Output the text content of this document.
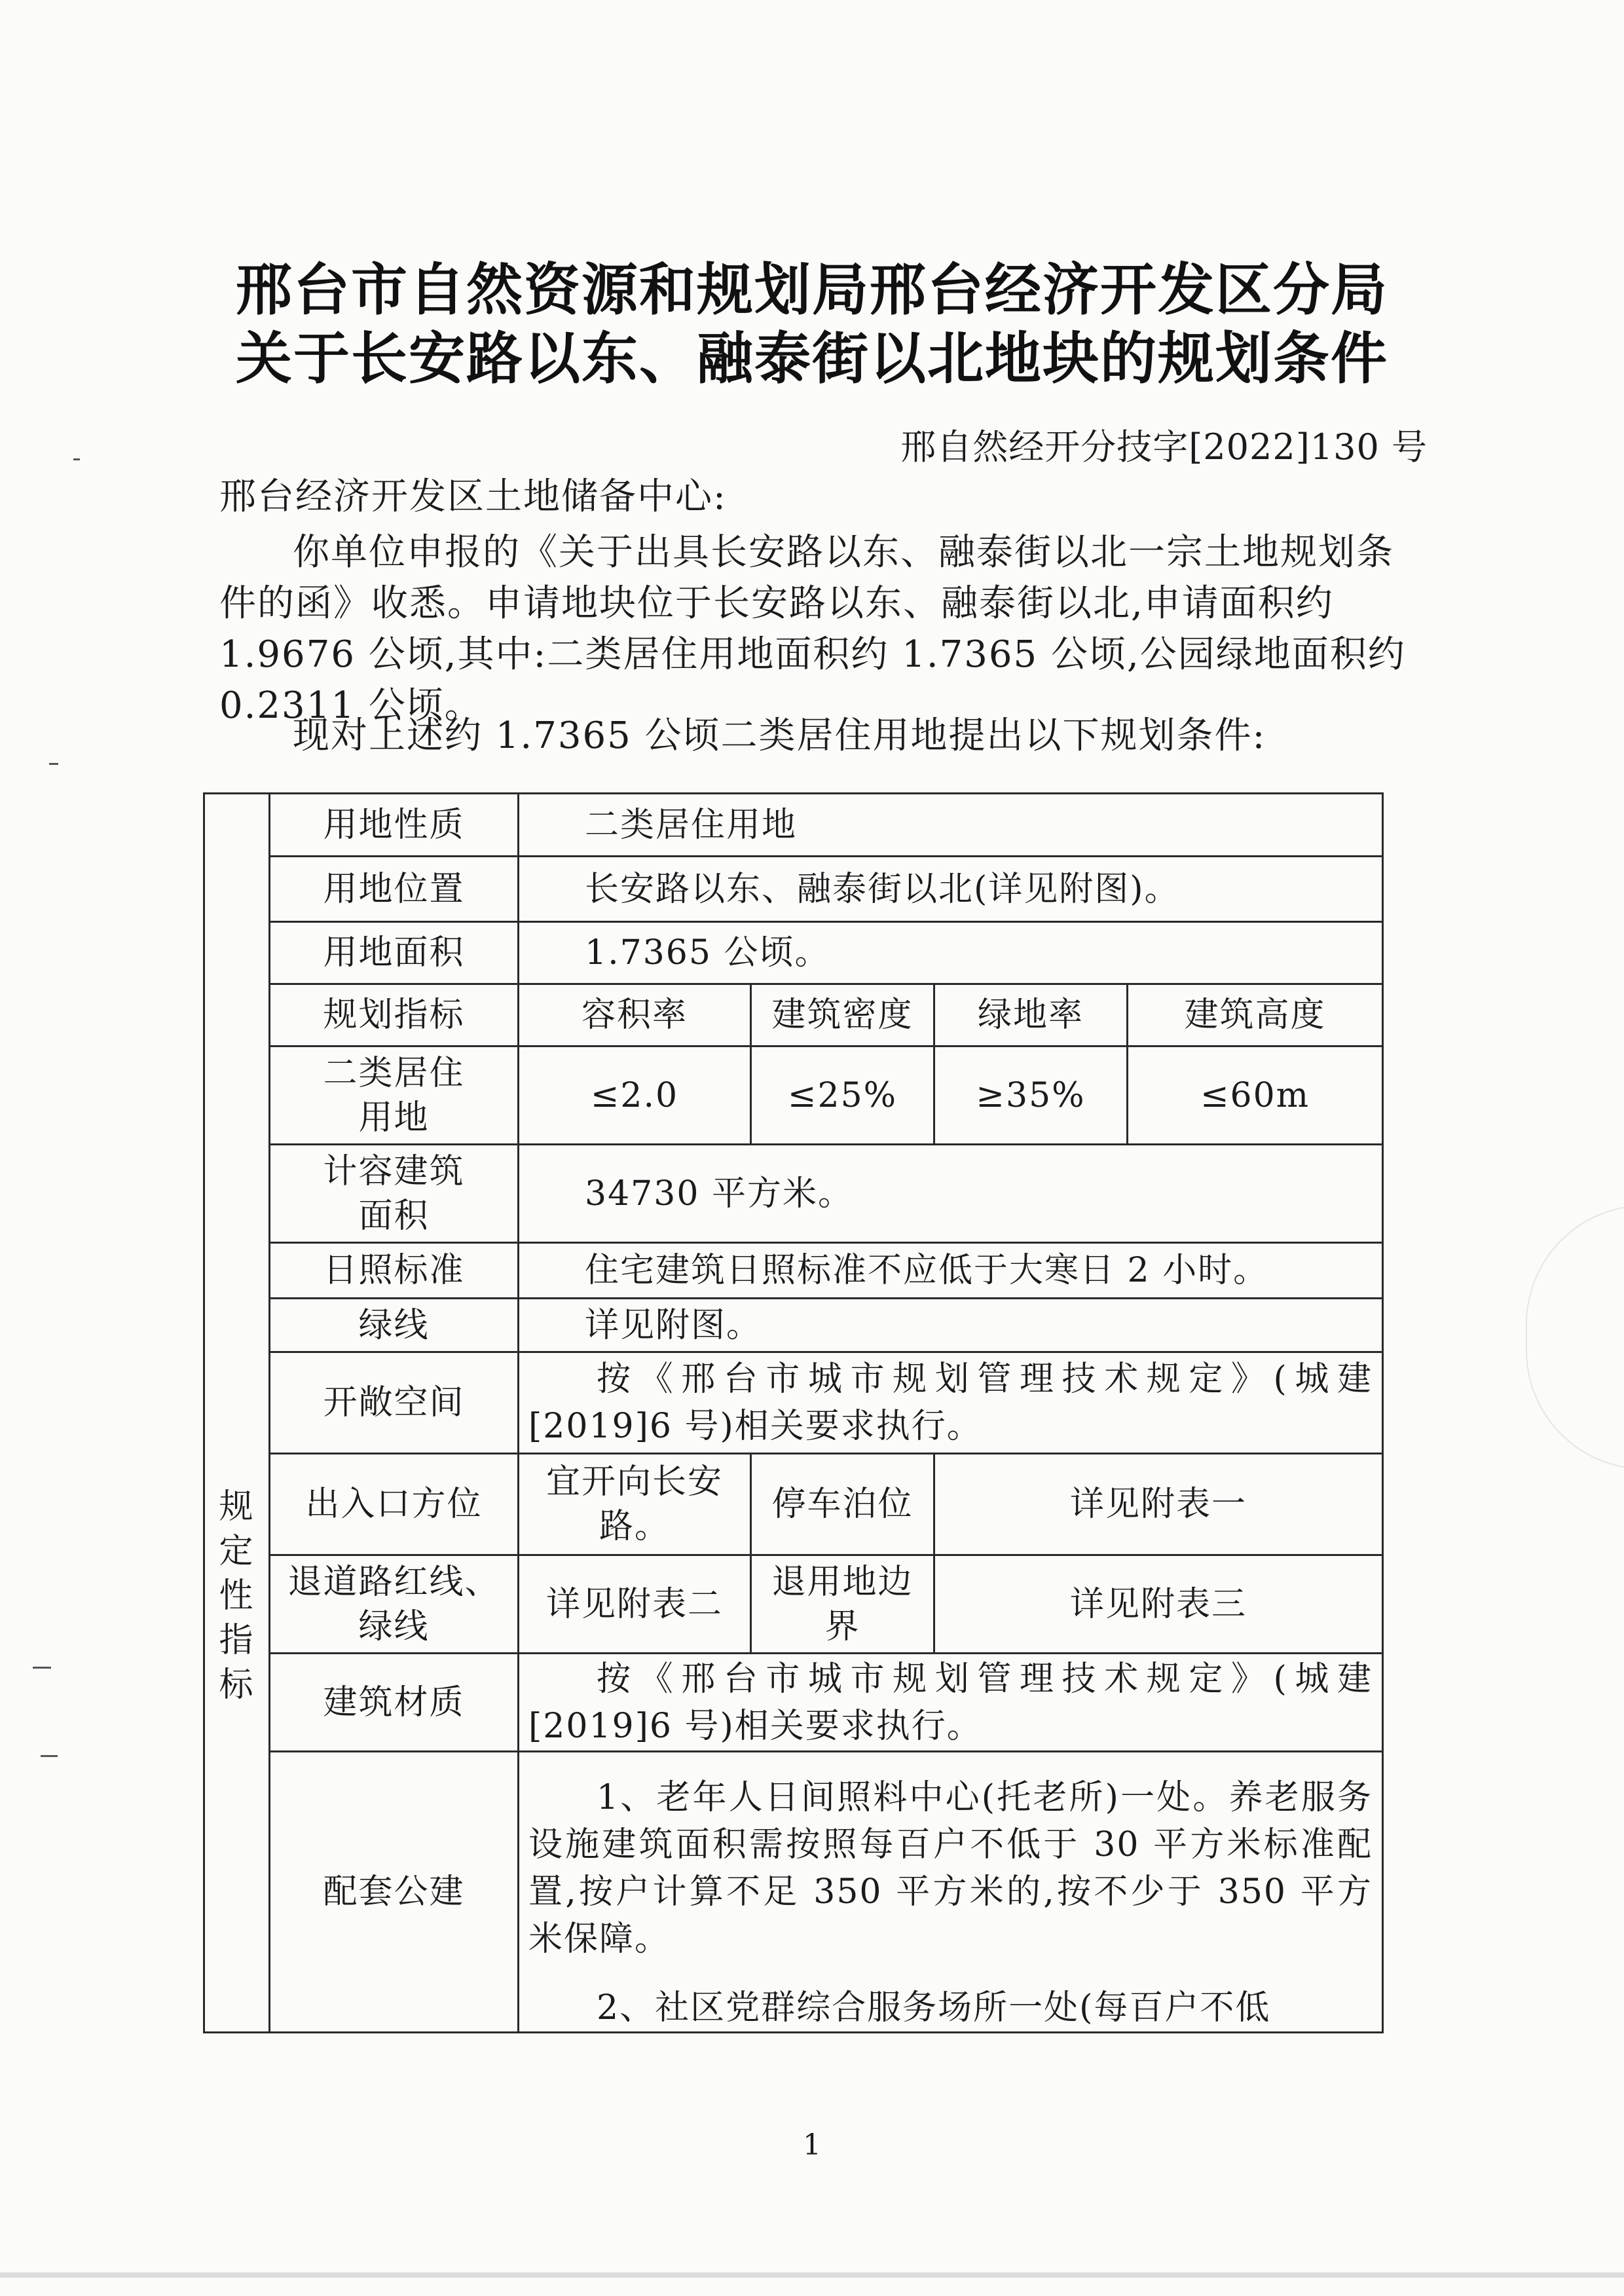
邢台市自然资源和规划局邢台经济开发区分局
关于长安路以东、融泰街以北地块的规划条件
邢自然经开分技字[2022]130 号
邢台经济开发区土地储备中心:
你单位申报的《关于出具长安路以东、融泰街以北一宗土地规划条件的函》收悉。申请地块位于长安路以东、融泰街以北,申请面积约 1.9676 公顷,其中:二类居住用地面积约 1.7365 公顷,公园绿地面积约 0.2311 公顷。
现对上述约 1.7365 公顷二类居住用地提出以下规划条件:
规
定
性
指
标	用地性质	二类居住用地			
	用地位置	长安路以东、融泰街以北(详见附图)。			
	用地面积	1.7365 公顷。			
	规划指标	容积率	建筑密度	绿地率	建筑高度
	二类居住用地	≤2.0	≤25%	≥35%	≤60m
	计容建筑面积	34730 平方米。			
	日照标准	住宅建筑日照标准不应低于大寒日 2 小时。			
	绿线	详见附图。			
	开敞空间	按《邢台市城市规划管理技术规定》(城建[2019]6 号)相关要求执行。			
	出入口方位	宜开向长安路。	停车泊位	详见附表一	
	退道路红线、绿线	详见附表二	退用地边界	详见附表三	
	建筑材质	按《邢台市城市规划管理技术规定》(城建[2019]6 号)相关要求执行。			
	配套公建	1、老年人日间照料中心(托老所)一处。养老服务设施建筑面积需按照每百户不低于 30 平方米标准配置,按户计算不足 350 平方米的,按不少于 350 平方米保障。			
		2、社区党群综合服务场所一处(每百户不低			
1
